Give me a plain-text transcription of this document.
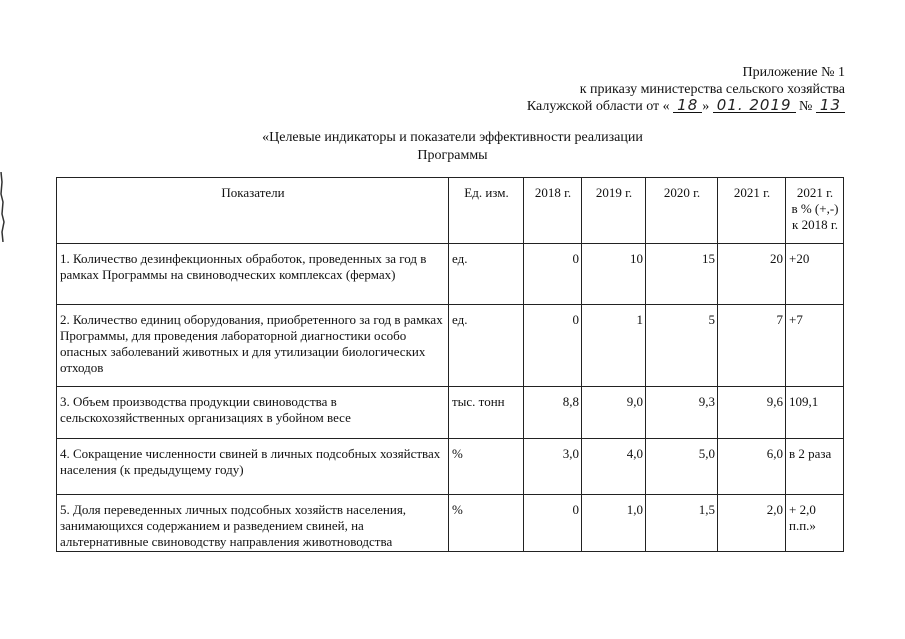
Приложение № 1
к приказу министерства сельского хозяйства
Калужской области от « 18 » 01. 2019 № 13
«Целевые индикаторы и показатели эффективности реализации
Программы
Показатели	Ед. изм.	2018 г.	2019 г.	2020 г.	2021 г.	2021 г.
в % (+,-)
к 2018 г.

1. Количество дезинфекционных обработок, проведенных за год в рамках Программы на свиноводческих комплексах (фермах)	ед.	0	10	15	20	+20
2. Количество единиц оборудования, приобретенного за год в рамках Программы, для проведения лабораторной диагностики особо опасных заболеваний животных и для утилизации биологических отходов	ед.	0	1	5	7	+7
3. Объем производства продукции свиноводства в сельскохозяйственных организациях в убойном весе	тыс. тонн	8,8	9,0	9,3	9,6	109,1
4. Сокращение численности свиней в личных подсобных хозяйствах населения (к предыдущему году)	%	3,0	4,0	5,0	6,0	в 2 раза
5. Доля переведенных личных подсобных хозяйств населения, занимающихся содержанием и разведением свиней, на альтернативные свиноводству направления животноводства	%	0	1,0	1,5	2,0	+ 2,0 п.п.»
